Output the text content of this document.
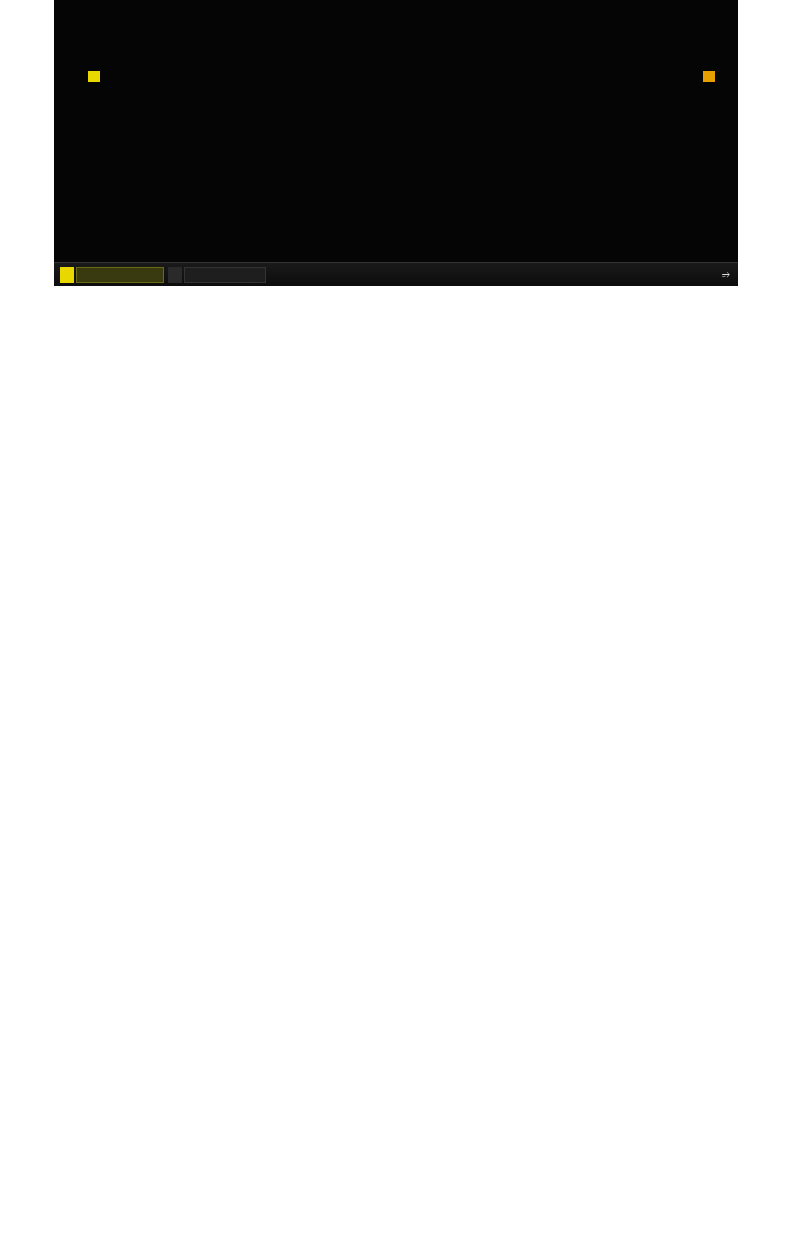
⭌
